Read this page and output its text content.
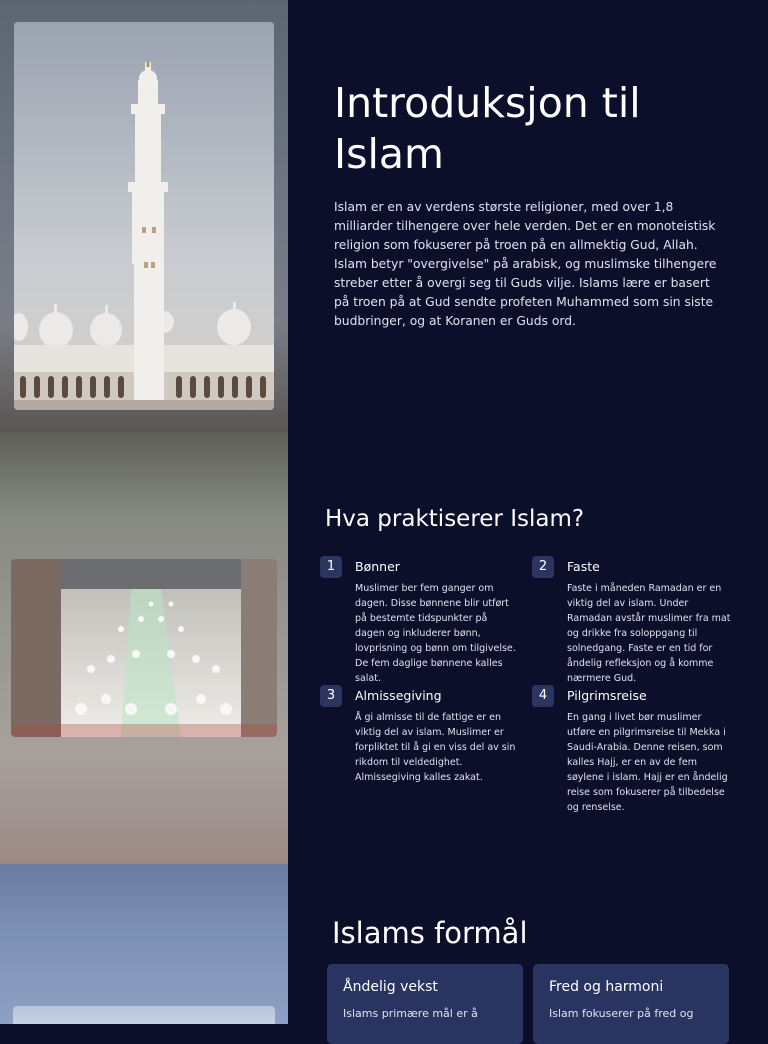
Introduksjon til Islam

Islam er en av verdens største religioner, med over 1,8 milliarder tilhengere over hele verden. Det er en monoteistisk religion som fokuserer på troen på en allmektig Gud, Allah. Islam betyr "overgivelse" på arabisk, og muslimske tilhengere streber etter å overgi seg til Guds vilje. Islams lære er basert på troen på at Gud sendte profeten Muhammed som sin siste budbringer, og at Koranen er Guds ord.

Hva praktiserer Islam?
1	Bønner
Muslimer ber fem ganger om dagen. Disse bønnene blir utført på bestemte tidspunkter på dagen og inkluderer bønn, lovprisning og bønn om tilgivelse. De fem daglige bønnene kalles salat.
2	Faste
Faste i måneden Ramadan er en viktig del av islam. Under Ramadan avstår muslimer fra mat og drikke fra soloppgang til solnedgang. Faste er en tid for åndelig refleksjon og å komme nærmere Gud.
3	Almissegiving
Å gi almisse til de fattige er en viktig del av islam. Muslimer er forpliktet til å gi en viss del av sin rikdom til veldedighet. Almissegiving kalles zakat.
4	Pilgrimsreise
En gang i livet bør muslimer utføre en pilgrimsreise til Mekka i Saudi-Arabia. Denne reisen, som kalles Hajj, er en av de fem søylene i islam. Hajj er en åndelig reise som fokuserer på tilbedelse og renselse.
Islams formål
Åndelig vekst
Islams primære mål er å
Fred og harmoni
Islam fokuserer på fred og
